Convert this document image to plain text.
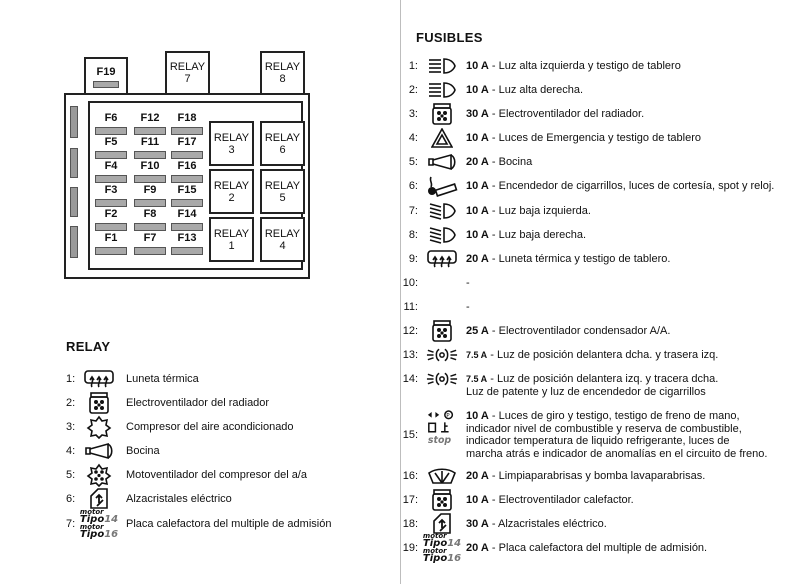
F19	RELAY
7
RELAY
8
F6	F12	F18
F5	F11	F17
F4	F10	F16
F3	F9	F15
F2	F8	F14
F1	F7	F13
RELAY
3
RELAY
6
RELAY
2
RELAY
5
RELAY
1
RELAY
4
RELAY
1:	Luneta térmica
2:	Electroventilador del radiador
3:	Compresor del aire acondicionado
4:	Bocina
5:	Motoventilador del compresor del a/a
6:	Alzacristales eléctrico
7:
motor
Tipo14
motor
Tipo16
Placa calefactora del multiple de admisión
FUSIBLES
1:	10 A - Luz alta izquierda y testigo de tablero
2:	10 A - Luz alta derecha.
3:	30 A - Electroventilador del radiador.
4:	10 A - Luces de Emergencia y testigo de tablero
5:	20 A - Bocina
6:	10 A - Encendedor de cigarrillos, luces de cortesía, spot y reloj.
7:	10 A - Luz baja izquierda.
8:	10 A - Luz baja derecha.
9:	20 A - Luneta térmica y testigo de tablero.
10:	-
11:	-
12:	25 A - Electroventilador condensador A/A.
13:	7.5 A - Luz de posición delantera dcha. y trasera izq.
14:	7.5 A - Luz de posición delantera izq. y tracera dcha.
Luz de patente y luz de encendedor de cigarrillos
15:
P
stop
10 A - Luces de giro y testigo, testigo de freno de mano,
indicador nivel de combustible y reserva de combustible,
indicador temperatura de liquido refrigerante, luces de
marcha atrás e indicador de anomalías en el circuito de freno.
16:	20 A - Limpiaparabrisas y bomba lavaparabrisas.
17:	10 A - Electroventilador calefactor.
18:	30 A - Alzacristales eléctrico.
19:
motor
Tipo14
motor
Tipo16
20 A - Placa calefactora del multiple de admisión.
